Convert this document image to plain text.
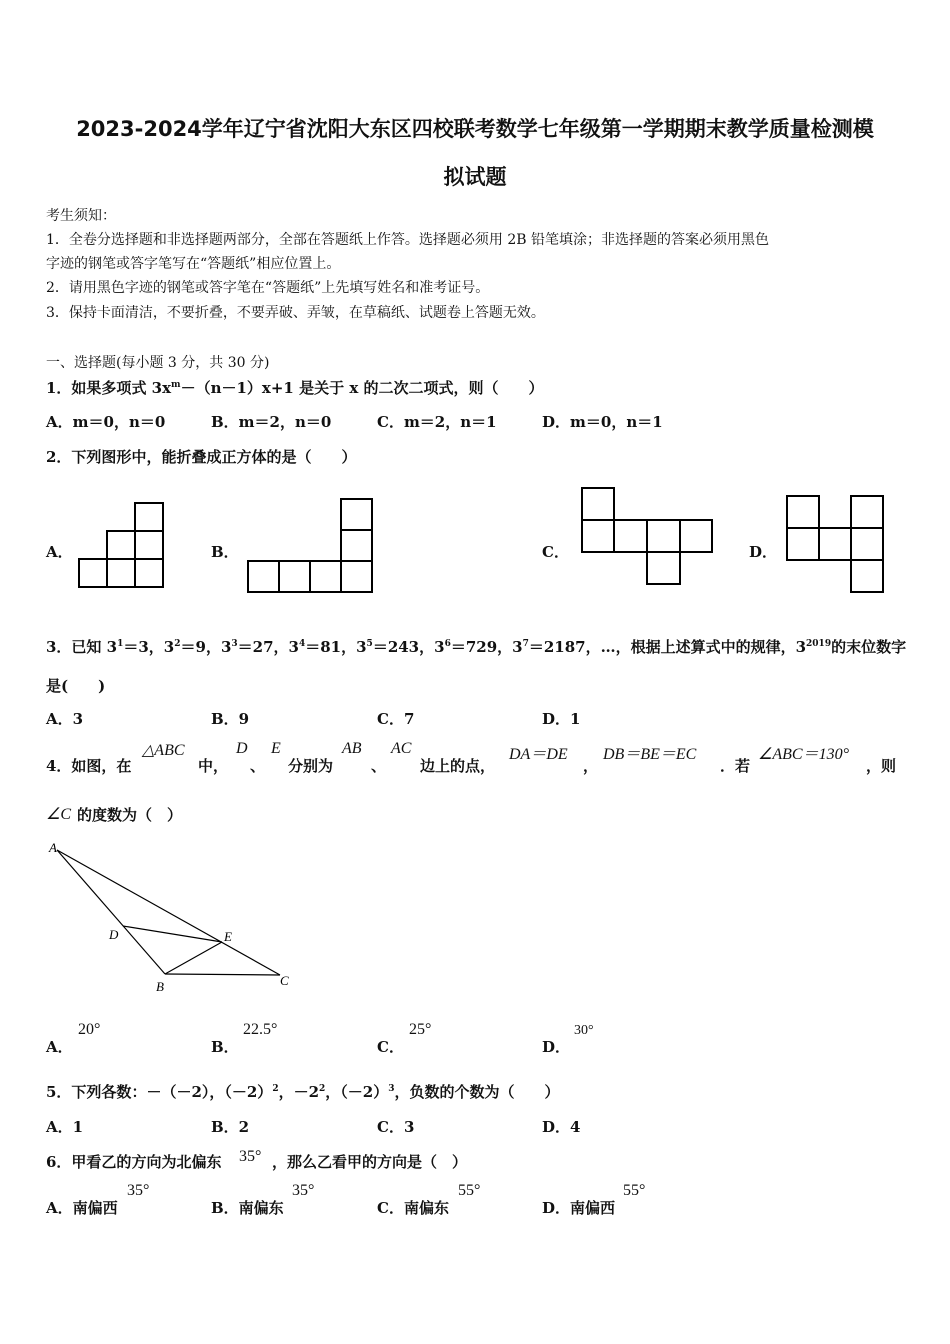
2023-2024学年辽宁省沈阳大东区四校联考数学七年级第一学期期末教学质量检测模
拟试题
考生须知：
1．全卷分选择题和非选择题两部分，全部在答题纸上作答。选择题必须用 2B 铅笔填涂；非选择题的答案必须用黑色
字迹的钢笔或答字笔写在“答题纸”相应位置上。
2．请用黑色字迹的钢笔或答字笔在“答题纸”上先填写姓名和准考证号。
3．保持卡面清洁，不要折叠，不要弄破、弄皱，在草稿纸、试题卷上答题无效。
一、选择题(每小题 3 分，共 30 分)
1．如果多项式 $3x^m-(n-1)x+1$ 是关于 x 的二次二项式，则（　　）
A．m＝0，n＝0	B．m＝2，n＝0	C．m＝2，n＝1	D．m＝0，n＝1
2．下列图形中，能折叠成正方体的是（　　）
A．	B．	C．	D．
3．已知 $3^1=3$，$3^2=9$，$3^3=27$，$3^4=81$，$3^5=243$，$3^6=729$，$3^7=2187$，…，根据上述算式中的规律，$3^{2019}$的末位数字
是(　　)
A．3	B．9	C．7	D．1
4．如图，在
△ABC
中，
D
、
E
分别为
AB
、
AC
边上的点，
DA＝DE
，
DB＝BE＝EC
．若
∠ABC＝130°
，则
∠C 的度数为（　）
A
D	E
B	C
A．
20°
B．
22.5°
C．
25°
D．
30°
5．下列各数：－（－2），$(-2)^2$，$-2^2$，$(-2)^3$，负数的个数为（　　）
A．1	B．2	C．3	D．4
6．甲看乙的方向为北偏东 35° ，那么乙看甲的方向是（　）
A．南偏西
35°
B．南偏东
35°
C．南偏东
55°
D．南偏西
55°
